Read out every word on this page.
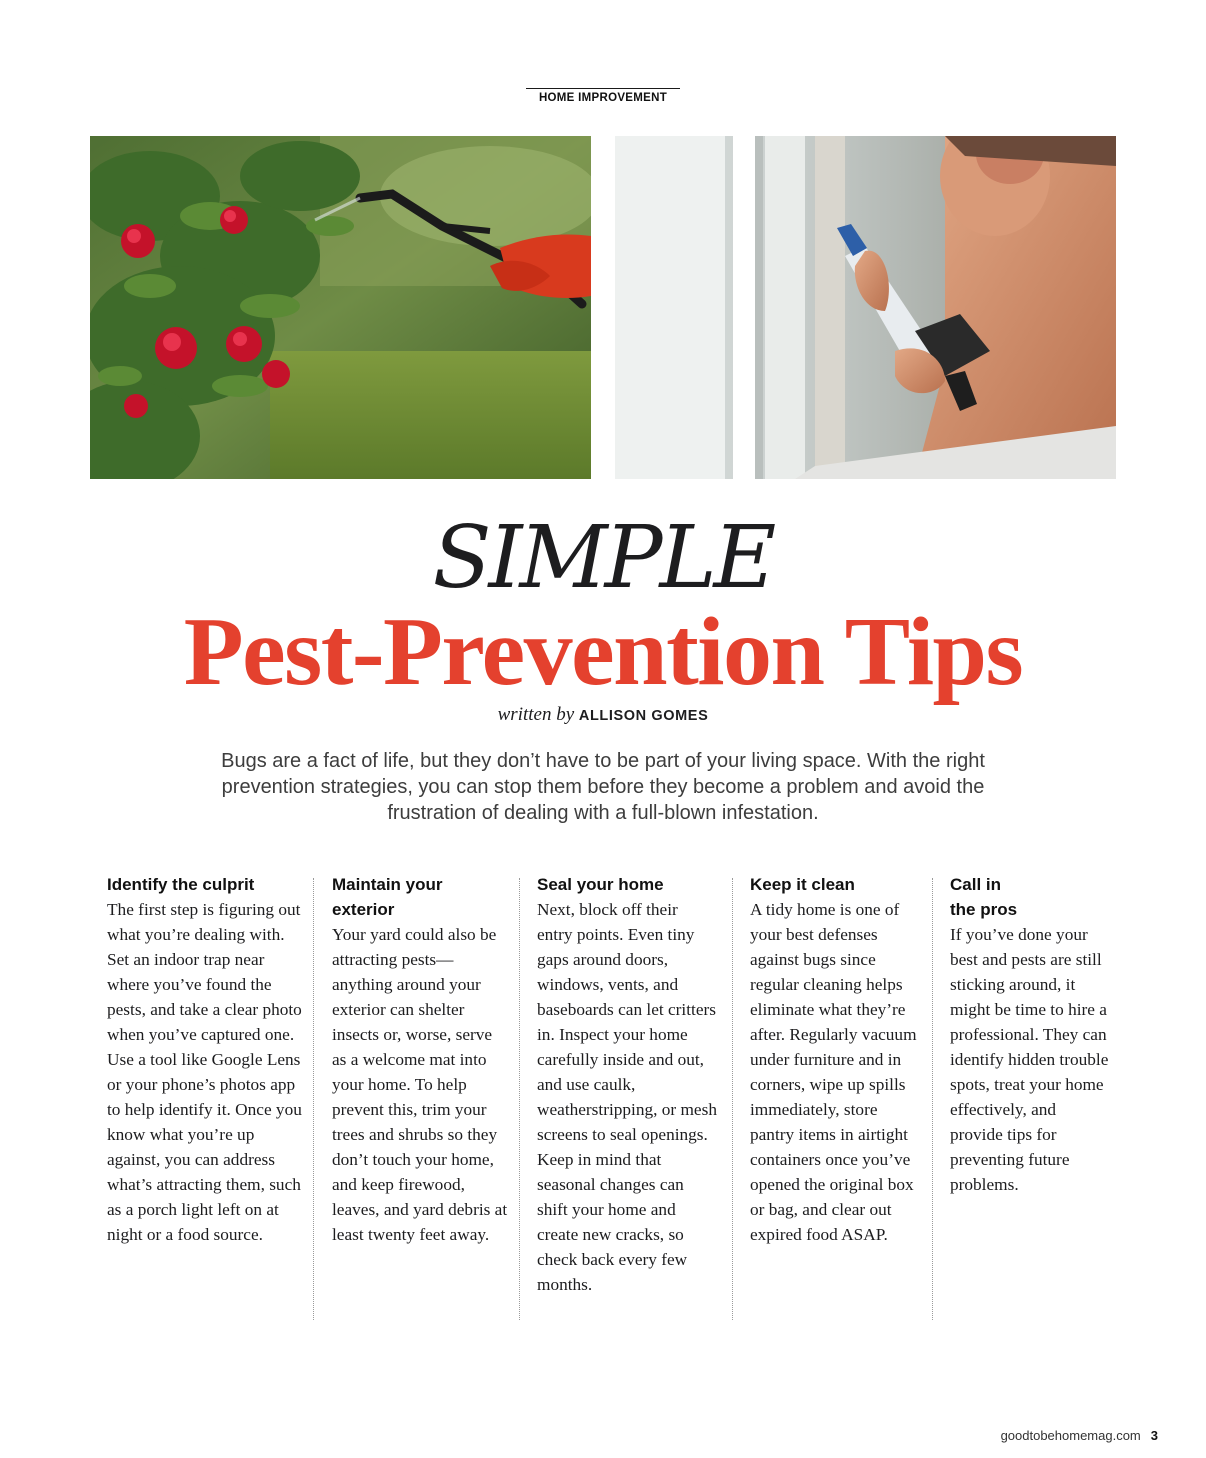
HOME IMPROVEMENT
SIMPLE
Pest-Prevention Tips
written by ALLISON GOMES
Bugs are a fact of life, but they don’t have to be part of your living space. With the right prevention strategies, you can stop them before they become a problem and avoid the frustration of dealing with a full-blown infestation.
Identify the culprit

The first step is figuring out what you’re dealing with. Set an indoor trap near where you’ve found the pests, and take a clear photo when you’ve captured one. Use a tool like Google Lens or your phone’s photos app to help identify it. Once you know what you’re up against, you can address what’s attracting them, such as a porch light left on at night or a food source.

Maintain your exterior

Your yard could also be attracting pests—anything around your exterior can shelter insects or, worse, serve as a welcome mat into your home. To help prevent this, trim your trees and shrubs so they don’t touch your home, and keep firewood, leaves, and yard debris at least twenty feet away.

Seal your home

Next, block off their entry points. Even tiny gaps around doors, windows, vents, and baseboards can let critters in. Inspect your home carefully inside and out, and use caulk, weatherstripping, or mesh screens to seal openings. Keep in mind that seasonal changes can shift your home and create new cracks, so check back every few months.

Keep it clean

A tidy home is one of your best defenses against bugs since regular cleaning helps eliminate what they’re after. Regularly vacuum under furniture and in corners, wipe up spills immediately, store pantry items in airtight containers once you’ve opened the original box or bag, and clear out expired food ASAP.

Call in the pros

If you’ve done your best and pests are still sticking around, it might be time to hire a professional. They can identify hidden trouble spots, treat your home effectively, and provide tips for preventing future problems.

goodtobehomemag.com 3
